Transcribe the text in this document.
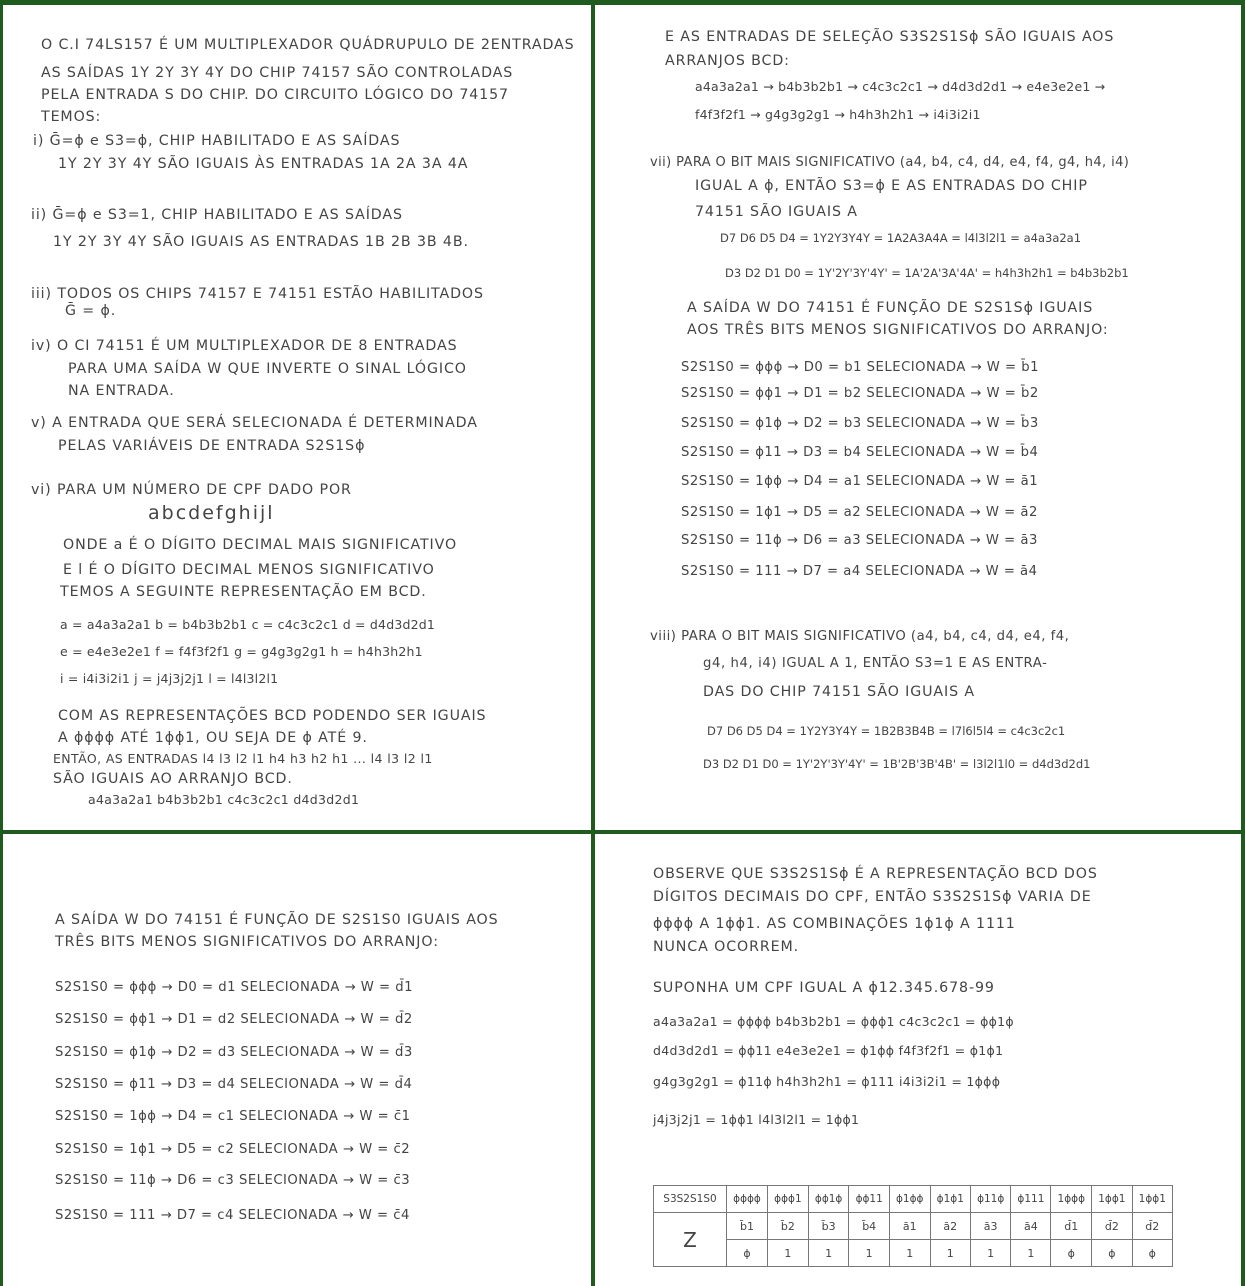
O C.I 74LS157 É UM MULTIPLEXADOR QUÁDRUPULO DE 2ENTRADAS
AS SAÍDAS 1Y 2Y 3Y 4Y DO CHIP 74157 SÃO CONTROLADAS
PELA ENTRADA S DO CHIP. DO CIRCUITO LÓGICO DO 74157
TEMOS:
i) Ḡ=ϕ e S3=ϕ, CHIP HABILITADO E AS SAÍDAS
1Y 2Y 3Y 4Y SÃO IGUAIS ÀS ENTRADAS 1A 2A 3A 4A
ii) Ḡ=ϕ e S3=1, CHIP HABILITADO E AS SAÍDAS
1Y 2Y 3Y 4Y SÃO IGUAIS AS ENTRADAS 1B 2B 3B 4B.
iii) TODOS OS CHIPS 74157 E 74151 ESTÃO HABILITADOS
Ḡ = ϕ.
iv) O CI 74151 É UM MULTIPLEXADOR DE 8 ENTRADAS
PARA UMA SAÍDA W QUE INVERTE O SINAL LÓGICO
NA ENTRADA.
v) A ENTRADA QUE SERÁ SELECIONADA É DETERMINADA
PELAS VARIÁVEIS DE ENTRADA S2S1Sϕ
vi) PARA UM NÚMERO DE CPF DADO POR
abcdefghijl
ONDE a É O DÍGITO DECIMAL MAIS SIGNIFICATIVO
E l É O DÍGITO DECIMAL MENOS SIGNIFICATIVO
TEMOS A SEGUINTE REPRESENTAÇÃO EM BCD.
a = a4a3a2a1 b = b4b3b2b1 c = c4c3c2c1 d = d4d3d2d1
e = e4e3e2e1 f = f4f3f2f1 g = g4g3g2g1 h = h4h3h2h1
i = i4i3i2i1 j = j4j3j2j1 l = l4l3l2l1
COM AS REPRESENTAÇÕES BCD PODENDO SER IGUAIS
A ϕϕϕϕ ATÉ 1ϕϕ1, OU SEJA DE ϕ ATÉ 9.
ENTÃO, AS ENTRADAS l4 l3 l2 l1 h4 h3 h2 h1 ... l4 l3 l2 l1
SÃO IGUAIS AO ARRANJO BCD.
a4a3a2a1 b4b3b2b1 c4c3c2c1 d4d3d2d1
E AS ENTRADAS DE SELEÇÃO S3S2S1Sϕ SÃO IGUAIS AOS
ARRANJOS BCD:
a4a3a2a1 → b4b3b2b1 → c4c3c2c1 → d4d3d2d1 → e4e3e2e1 →
f4f3f2f1 → g4g3g2g1 → h4h3h2h1 → i4i3i2i1
vii) PARA O BIT MAIS SIGNIFICATIVO (a4, b4, c4, d4, e4, f4, g4, h4, i4)
IGUAL A ϕ, ENTÃO S3=ϕ E AS ENTRADAS DO CHIP
74151 SÃO IGUAIS A
D7 D6 D5 D4 = 1Y2Y3Y4Y = 1A2A3A4A = l4l3l2l1 = a4a3a2a1
D3 D2 D1 D0 = 1Y'2Y'3Y'4Y' = 1A'2A'3A'4A' = h4h3h2h1 = b4b3b2b1
A SAÍDA W DO 74151 É FUNÇÃO DE S2S1Sϕ IGUAIS
AOS TRÊS BITS MENOS SIGNIFICATIVOS DO ARRANJO:
S2S1S0 = ϕϕϕ → D0 = b1 SELECIONADA → W = b̄1
S2S1S0 = ϕϕ1 → D1 = b2 SELECIONADA → W = b̄2
S2S1S0 = ϕ1ϕ → D2 = b3 SELECIONADA → W = b̄3
S2S1S0 = ϕ11 → D3 = b4 SELECIONADA → W = b̄4
S2S1S0 = 1ϕϕ → D4 = a1 SELECIONADA → W = ā1
S2S1S0 = 1ϕ1 → D5 = a2 SELECIONADA → W = ā2
S2S1S0 = 11ϕ → D6 = a3 SELECIONADA → W = ā3
S2S1S0 = 111 → D7 = a4 SELECIONADA → W = ā4
viii) PARA O BIT MAIS SIGNIFICATIVO (a4, b4, c4, d4, e4, f4,
g4, h4, i4) IGUAL A 1, ENTÃO S3=1 E AS ENTRA-
DAS DO CHIP 74151 SÃO IGUAIS A
D7 D6 D5 D4 = 1Y2Y3Y4Y = 1B2B3B4B = l7l6l5l4 = c4c3c2c1
D3 D2 D1 D0 = 1Y'2Y'3Y'4Y' = 1B'2B'3B'4B' = l3l2l1l0 = d4d3d2d1
A SAÍDA W DO 74151 É FUNÇÃO DE S2S1S0 IGUAIS AOS
TRÊS BITS MENOS SIGNIFICATIVOS DO ARRANJO:
S2S1S0 = ϕϕϕ → D0 = d1 SELECIONADA → W = d̄1
S2S1S0 = ϕϕ1 → D1 = d2 SELECIONADA → W = d̄2
S2S1S0 = ϕ1ϕ → D2 = d3 SELECIONADA → W = d̄3
S2S1S0 = ϕ11 → D3 = d4 SELECIONADA → W = d̄4
S2S1S0 = 1ϕϕ → D4 = c1 SELECIONADA → W = c̄1
S2S1S0 = 1ϕ1 → D5 = c2 SELECIONADA → W = c̄2
S2S1S0 = 11ϕ → D6 = c3 SELECIONADA → W = c̄3
S2S1S0 = 111 → D7 = c4 SELECIONADA → W = c̄4
OBSERVE QUE S3S2S1Sϕ É A REPRESENTAÇÃO BCD DOS
DÍGITOS DECIMAIS DO CPF, ENTÃO S3S2S1Sϕ VARIA DE
ϕϕϕϕ A 1ϕϕ1. AS COMBINAÇÕES 1ϕ1ϕ A 1111
NUNCA OCORREM.
SUPONHA UM CPF IGUAL A ϕ12.345.678-99
a4a3a2a1 = ϕϕϕϕ b4b3b2b1 = ϕϕϕ1 c4c3c2c1 = ϕϕ1ϕ
d4d3d2d1 = ϕϕ11 e4e3e2e1 = ϕ1ϕϕ f4f3f2f1 = ϕ1ϕ1
g4g3g2g1 = ϕ11ϕ h4h3h2h1 = ϕ111 i4i3i2i1 = 1ϕϕϕ
j4j3j2j1 = 1ϕϕ1 l4l3l2l1 = 1ϕϕ1
S3S2S1S0	ϕϕϕϕ	ϕϕϕ1	ϕϕ1ϕ	ϕϕ11	ϕ1ϕϕ	ϕ1ϕ1	ϕ11ϕ	ϕ111	1ϕϕϕ	1ϕϕ1	1ϕϕ1
Z	b̄1	b̄2	b̄3	b̄4	ā1	ā2	ā3	ā4	d̄1	d̄2	d̄2
	ϕ	1	1	1	1	1	1	1	ϕ	ϕ	ϕ
